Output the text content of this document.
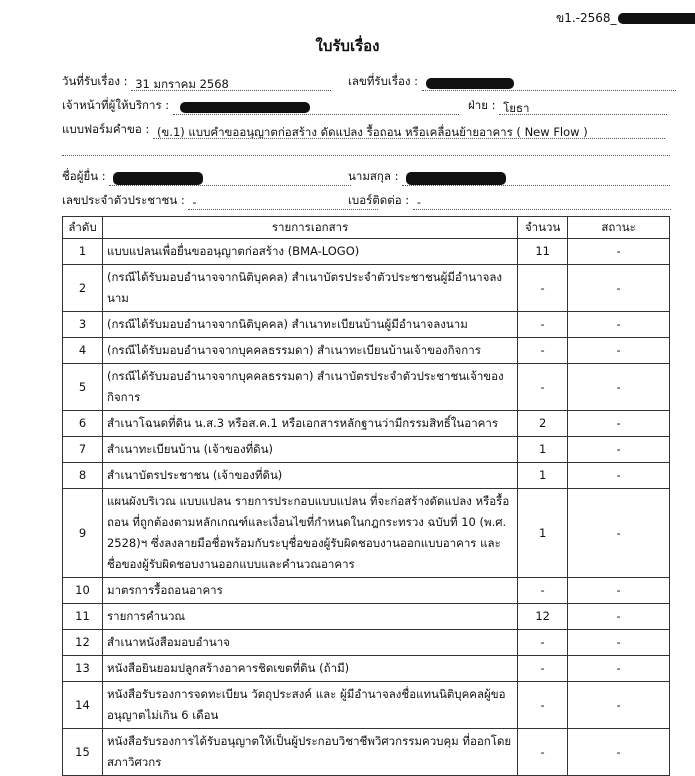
ข1.-2568_
ใบรับเรื่อง
วันที่รับเรื่อง : 31 มกราคม 2568	เลขที่รับเรื่อง :
เจ้าหน้าที่ผู้ให้บริการ :	ฝ่าย : โยธา
แบบฟอร์มคำขอ : (ข.1) แบบคำขออนุญาตก่อสร้าง ดัดแปลง รื้อถอน หรือเคลื่อนย้ายอาคาร ( New Flow )
ชื่อผู้ยื่น :	นามสกุล :
เลขประจำตัวประชาชน : -	เบอร์ติดต่อ : -
ลำดับ	รายการเอกสาร	จำนวน	สถานะ
1	แบบแปลนเพื่อยื่นขออนุญาตก่อสร้าง (BMA-LOGO)	11	-
2	(กรณีได้รับมอบอำนาจจากนิติบุคคล) สำเนาบัตรประจำตัวประชาชนผู้มีอำนาจลงนาม	-	-
3	(กรณีได้รับมอบอำนาจจากนิติบุคคล) สำเนาทะเบียนบ้านผู้มีอำนาจลงนาม	-	-
4	(กรณีได้รับมอบอำนาจจากบุคคลธรรมดา) สำเนาทะเบียนบ้านเจ้าของกิจการ	-	-
5	(กรณีได้รับมอบอำนาจจากบุคคลธรรมดา) สำเนาบัตรประจำตัวประชาชนเจ้าของกิจการ	-	-
6	สำเนาโฉนดที่ดิน น.ส.3 หรือส.ค.1 หรือเอกสารหลักฐานว่ามีกรรมสิทธิ์ในอาคาร	2	-
7	สำเนาทะเบียนบ้าน (เจ้าของที่ดิน)	1	-
8	สำเนาบัตรประชาชน (เจ้าของที่ดิน)	1	-
9	แผนผังบริเวณ แบบแปลน รายการประกอบแบบแปลน ที่จะก่อสร้างดัดแปลง หรือรื้อถอน ที่ถูกต้องตามหลักเกณฑ์และเงื่อนไขที่กำหนดในกฎกระทรวง ฉบับที่ 10 (พ.ศ. 2528)ฯ ซึ่งลงลายมือชื่อพร้อมกับระบุชื่อของผู้รับผิดชอบงานออกแบบอาคาร และชื่อของผู้รับผิดชอบงานออกแบบและคำนวณอาคาร	1	-
10	มาตรการรื้อถอนอาคาร	-	-
11	รายการคำนวณ	12	-
12	สำเนาหนังสือมอบอำนาจ	-	-
13	หนังสือยินยอมปลูกสร้างอาคารชิดเขตที่ดิน (ถ้ามี)	-	-
14	หนังสือรับรองการจดทะเบียน วัตถุประสงค์ และ ผู้มีอำนาจลงชื่อแทนนิติบุคคลผู้ขออนุญาตไม่เกิน 6 เดือน	-	-
15	หนังสือรับรองการได้รับอนุญาตให้เป็นผู้ประกอบวิชาชีพวิศวกรรมควบคุม ที่ออกโดยสภาวิศวกร	-	-
